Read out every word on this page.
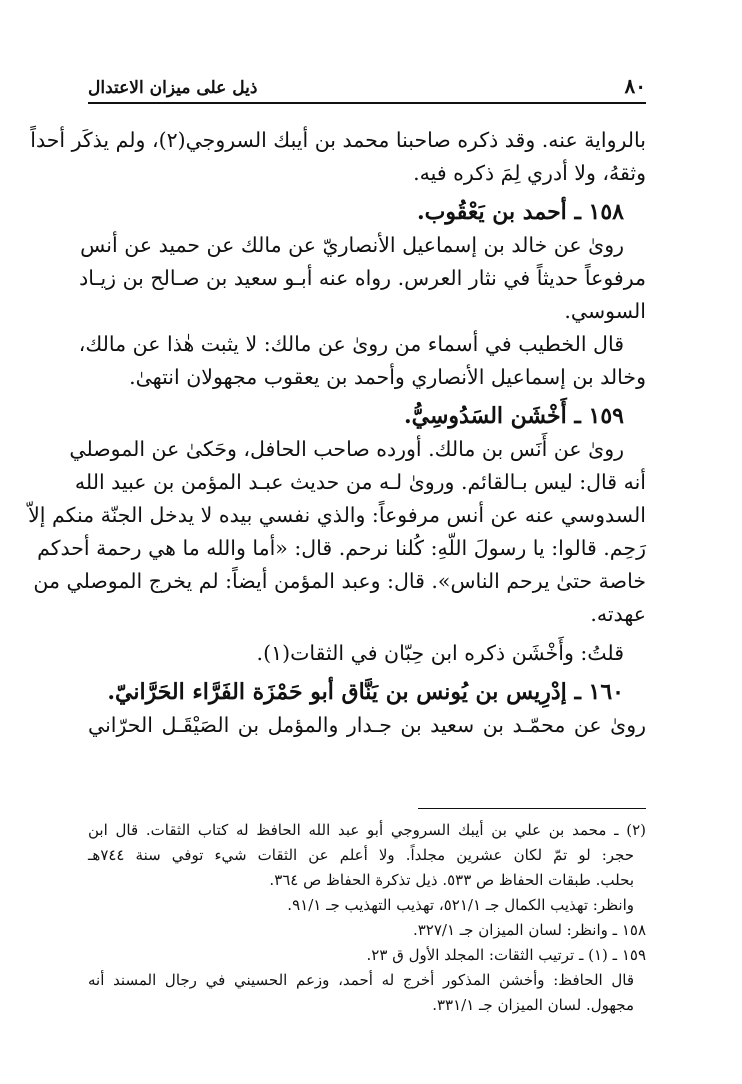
٨٠
ذيل على ميزان الاعتدال
بالرواية عنه. وقد ذكره صاحبنا محمد بن أيبك السروجي(٢)، ولم يذكَر أحداً
وثقهُ، ولا أدري لِمَ ذكره فيه.
١٥٨ ـ أحمد بن يَعْقُوب.
روىٰ عن خالد بن إسماعيل الأنصاريّ عن مالك عن حميد عن أنس
مرفوعاً حديثاً في نثار العرس. رواه عنه أبـو سعيد بن صـالح بن زيـاد
السوسي.
قال الخطيب في أسماء من روىٰ عن مالك: لا يثبت هٰذا عن مالك،
وخالد بن إسماعيل الأنصاري وأحمد بن يعقوب مجهولان انتهىٰ.
١٥٩ ـ أَخْشَن السَدُوسِيُّ.
روىٰ عن أَنَس بن مالك. أورده صاحب الحافل، وحَكىٰ عن الموصلي
أنه قال: ليس بـالقائم. وروىٰ لـه من حديث عبـد المؤمن بن عبيد الله
السدوسي عنه عن أنس مرفوعاً: والذي نفسي بيده لا يدخل الجنّة منكم إلاّ
رَحِم. قالوا: يا رسولَ اللّهِ: كُلنا نرحم. قال: «أما والله ما هي رحمة أحدكم
خاصة حتىٰ يرحم الناس». قال: وعبد المؤمن أيضاً: لم يخرج الموصلي من
عهدته.
قلتُ: وأَخْشَن ذكره ابن حِبّان في الثقات(١).
١٦٠ ـ إدْرِيس بن يُونس بن يَنَّاق أبو حَمْزَة الفَرَّاء الحَرَّانيّ.
روىٰ عن محمّـد بن سعيد بن جـدار والمؤمل بن الصَيْقَـل الحرّاني
(٢) ـ محمد بن علي بن أيبك السروجي أبو عبد الله الحافظ له كتاب الثقات. قال ابن
حجر: لو تمّ لكان عشرين مجلداً. ولا أعلم عن الثقات شيء توفي سنة ٧٤٤هـ
بحلب. طبقات الحفاظ ص ٥٣٣. ذيل تذكرة الحفاظ ص ٣٦٤.
وانظر: تهذيب الكمال جـ ٥٢١/١، تهذيب التهذيب جـ ٩١/١.
١٥٨ ـ وانظر: لسان الميزان جـ ٣٢٧/١.
١٥٩ ـ (١) ـ ترتيب الثقات: المجلد الأول ق ٢٣.
قال الحافظ: وأخشن المذكور أخرج له أحمد، وزعم الحسيني في رجال المسند أنه
مجهول. لسان الميزان جـ ٣٣١/١.
